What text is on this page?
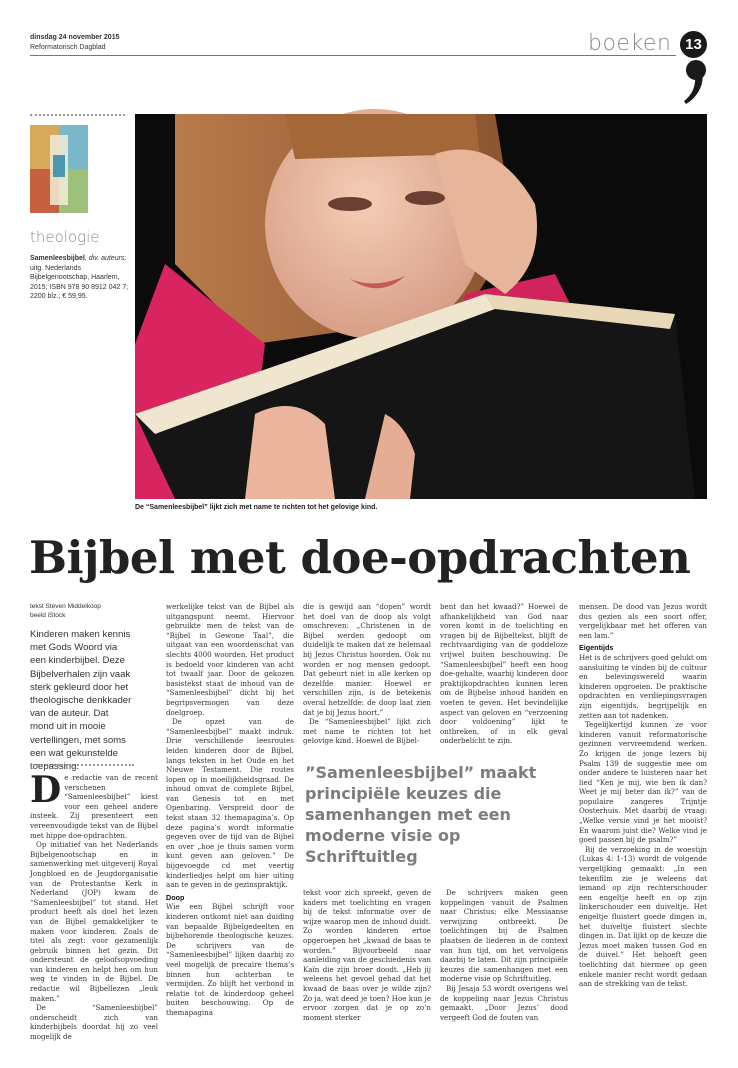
dinsdag 24 november 2015
Reformatorisch Dagblad	boeken 13
theologie
Samenleesbijbel, div. auteurs; uitg. Nederlands Bijbelgenootschap, Haarlem, 2015; ISBN 978 90 8912 042 7; 2200 blz.; € 59,95.
De “Samenleesbijbel” lijkt zich met name te richten tot het gelovige kind.
Bijbel met doe-opdrachten
tekst Steven Middelkoop
beeld iStock
Kinderen maken kennis met Gods Woord via een kinderbijbel. Deze Bijbelverhalen zijn vaak sterk gekleurd door het theologische denkkader van de auteur. Dat mond uit in mooie vertellingen, met soms een wat gekunstelde toepassing.
D e redactie van de recent verschenen “Samenleesbijbel” kiest voor een geheel andere insteek. Zij presenteert een vereenvoudigde tekst van de Bijbel met hippe doe-opdrachten.

Op initiatief van het Nederlands Bijbelgenootschap en in samenwerking met uitgeverij Royal Jongbloed en de Jeugdorganisatie van de Protestantse Kerk in Nederland (JOP) kwam de “Samenleesbijbel” tot stand. Het product heeft als doel het lezen van de Bijbel gemakkelijker te maken voor kinderen. Zoals de titel als zegt: voor gezamenlijk gebruik binnen het gezin. Dit ondersteunt de geloofsopvoeding van kinderen en helpt hen om hun weg te vinden in de Bijbel. De redactie wil Bijbellezen „leuk maken.”

De “Samenleesbijbel” onderscheidt zich van kinderbijbels doordat hij zo veel mogelijk de

werkelijke tekst van de Bijbel als uitgangspunt neemt. Hiervoor gebruikte men de tekst van de “Bijbel in Gewone Taal”, die uitgaat van een woordenschat van slechts 4000 woorden. Het product is bedoeld voor kinderen van acht tot twaalf jaar. Door de gekozen basistekst staat de inhoud van de “Samenleesbijbel” dicht bij het begripsvermogen van deze doelgroep.

De opzet van de “Samenleesbijbel” maakt indruk. Drie verschillende leesroutes leiden kinderen door de Bijbel, langs teksten in het Oude en het Nieuwe Testament. Die routes lopen op in moeilijkheidsgraad. De inhoud omvat de complete Bijbel, van Genesis tot en met Openbaring. Verspreid door de tekst staan 32 themapagina’s. Op deze pagina’s wordt informatie gegeven over de tijd van de Bijbel en over „hoe je thuis samen vorm kunt geven aan geloven.” De bijgevoegde cd met veertig kinderliedjes helpt om hier uiting aan te geven in de gezinspraktijk.

Doop

Wie een Bijbel schrijft voor kinderen ontkomt niet aan duiding van bepaalde Bijbelgedeelten en bijbehorende theologische keuzes. De schrijvers van de “Samenleesbijbel” lijken daarbij zo veel mogelijk de precaire thema’s binnen hun achterban te vermijden. Zo blijft het verbond in relatie tot de kinderdoop geheel buiten beschouwing. Op de themapagina

die is gewijd aan “dopen” wordt het doel van de doop als volgt omschreven: „Christenen in de Bijbel werden gedoopt om duidelijk te maken dat ze helemaal bij Jezus Christus hoorden. Ook nu worden er nog mensen gedoopt. Dat gebeurt niet in alle kerken op dezelfde manier. Hoewel er verschillen zijn, is de betekenis overal hetzelfde: de doop laat zien dat je bij Jezus hoort.”

De “Samenleesbijbel” lijkt zich met name te richten tot het gelovige kind. Hoewel de Bijbel-

bent dan het kwaad?” Hoewel de afhankelijkheid van God naar voren komt in de toelichting en vragen bij de Bijbeltekst, blijft de rechtvaardiging van de goddeloze vrijwel buiten beschouwing. De “Samenleesbijbel” heeft een hoog doe-gehalte, waarbij kinderen door praktijkopdrachten kunnen leren om de Bijbelse inhoud handen en voeten te geven. Het bevindelijke aspect van geloven en “verzoening door voldoening” lijkt te ontbreken, of in elk geval onderbelicht te zijn.

”Samenleesbijbel” maakt principiële keuzes die samenhangen met een moderne visie op Schriftuitleg

tekst voor zich spreekt, geven de kaders met toelichting en vragen bij de tekst informatie over de wijze waarop men de inhoud duidt. Zo worden kinderen ertoe opgeroepen het „kwaad de baas te worden.” Bijvoorbeeld naar aanleiding van de geschiedenis van Kaïn die zijn broer doodt. „Heb jij weleens het gevoel gehad dat het kwaad de baas over je wilde zijn? Zo ja, wat deed je toen? Hoe kun je ervoor zorgen dat je op zo’n moment sterker

De schrijvers maken geen koppelingen vanuit de Psalmen naar Christus; elke Messiaanse verwijzing ontbreekt. De toelichtingen bij de Psalmen plaatsen de liederen in de context van hun tijd, om het vervolgens daarbij te laten. Dit zijn principiële keuzes die samenhangen met een moderne visie op Schriftuitleg.

Bij Jesaja 53 wordt overigens wel de koppeling naar Jezus Christus gemaakt. „Door Jezus’ dood vergeeft God de fouten van

mensen. De dood van Jezus wordt dus gezien als een soort offer, vergelijkbaar met het offeren van een lam.”

Eigentijds

Het is de schrijvers goed gelukt om aansluiting te vinden bij de cultuur en belevingswereld waarin kinderen opgroeien. De praktische opdrachten en verdiepingsvragen zijn eigentijds, begrijpelijk en zetten aan tot nadenken.

Tegelijkertijd kunnen ze voor kinderen vanuit reformatorische gezinnen vervreemdend werken. Zo krijgen de jonge lezers bij Psalm 139 de suggestie mee om onder andere te luisteren naar het lied “Ken je mij, wie ben ik dan? Weet je mij beter dan ik?” van de populaire zangeres Trijntje Oosterhuis. Met daarbij de vraag: „Welke versie vind je het mooist? En waarom juist die? Welke vind je goed passen bij de psalm?”

Bij de verzoeking in de woestijn (Lukas 4: 1-13) wordt de volgende vergelijking gemaakt: „In een tekenfilm zie je weleens dat iemand op zijn rechterschouder een engeltje heeft en op zijn linkerschouder een duiveltje. Het engeltje fluistert goede dingen in, het duiveltje fluistert slechte dingen in. Dat lijkt op de keuze die Jezus moet maken tussen God en de duivel.” Het behoeft geen toelichting dat hiermee op geen enkele manier recht wordt gedaan aan de strekking van de tekst.
